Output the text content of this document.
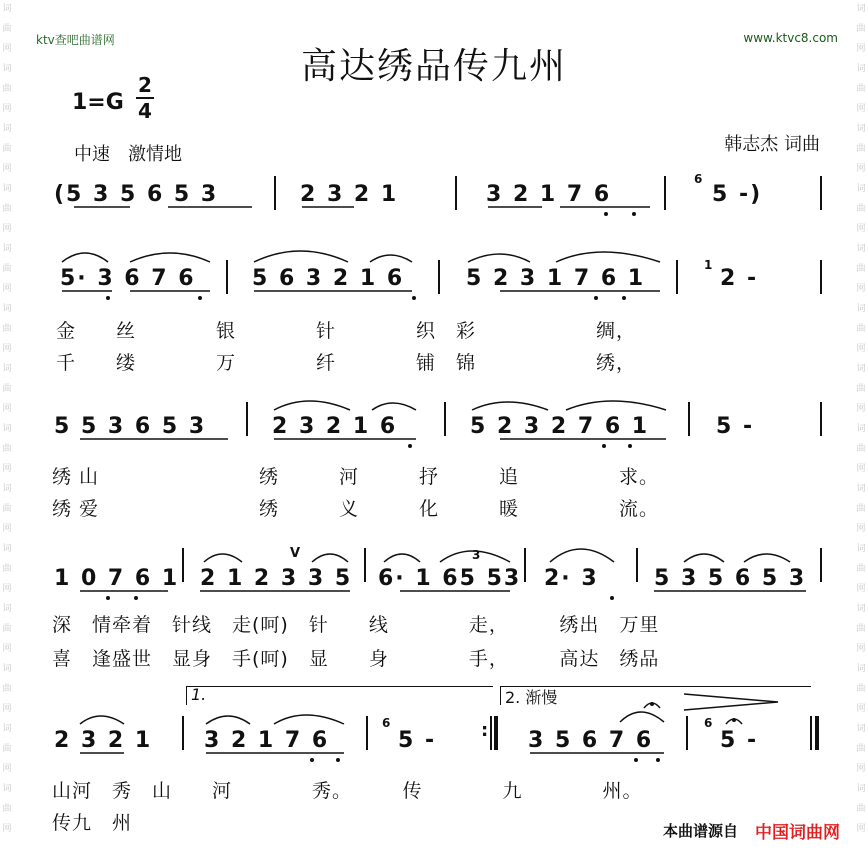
词
曲
网
词
曲
网
词
曲
网
词
曲
网
词
曲
网
词
曲
网
词
曲
网
词
曲
网
词
曲
网
词
曲
网
词
曲
网
词
曲
网
词
曲
网
词
曲
网
词
曲
网
词
曲
网
词
曲
网
词
曲
网
词
曲
网
词
曲
网
词
曲
网
词
曲
网
词
曲
网
词
曲
网
词
曲
网
词
曲
网
词
曲
网
词
曲
网
ktv查吧曲谱网	www.ktvc8.com
高达绣品传九州
1=G
2
4
中速　激情地	韩志杰 词曲
(5 3 5 6 5 3	2 3 2 1	3 2 1 7 6
6
5 -)
5· 3 6 7 6	5 6 3 2 1 6	5 2 3 1 7 6 1
1
2 -
金　　丝　　　　银　　　　针　　　　织　彩　　　　　　绸，
千　　缕　　　　万　　　　纤　　　　铺　锦　　　　　　绣，
5 5 3 6 5 3	2 3 2 1 6	5 2 3 2 7 6 1	5 -
绣 山　　　　　　　　绣　　　河　　　抒　　　追　　　　　求。
绣 爱　　　　　　　　绣　　　义　　　化　　　暖　　　　　流。
1 0 7 6 1 2 1 2 3 3 5
V
6· 1 65 53
3
2· 3	5 3 5 6 5 3
深　情牵着　针线　走(呵)　针　　线　　　　走，　　　绣出　万里
喜　逢盛世　显身　手(呵)　显　　身　　　　手，　　　高达　绣品
1.	2. 渐慢
2 3 2 1 3 2 1 7 6
6
5 - :
3 5 6 7 6
6
5 -
山河　秀　山　　河　　　　秀。　　　传　　　　九　　　　州。
传九　州	本曲谱源自 中国词曲网
